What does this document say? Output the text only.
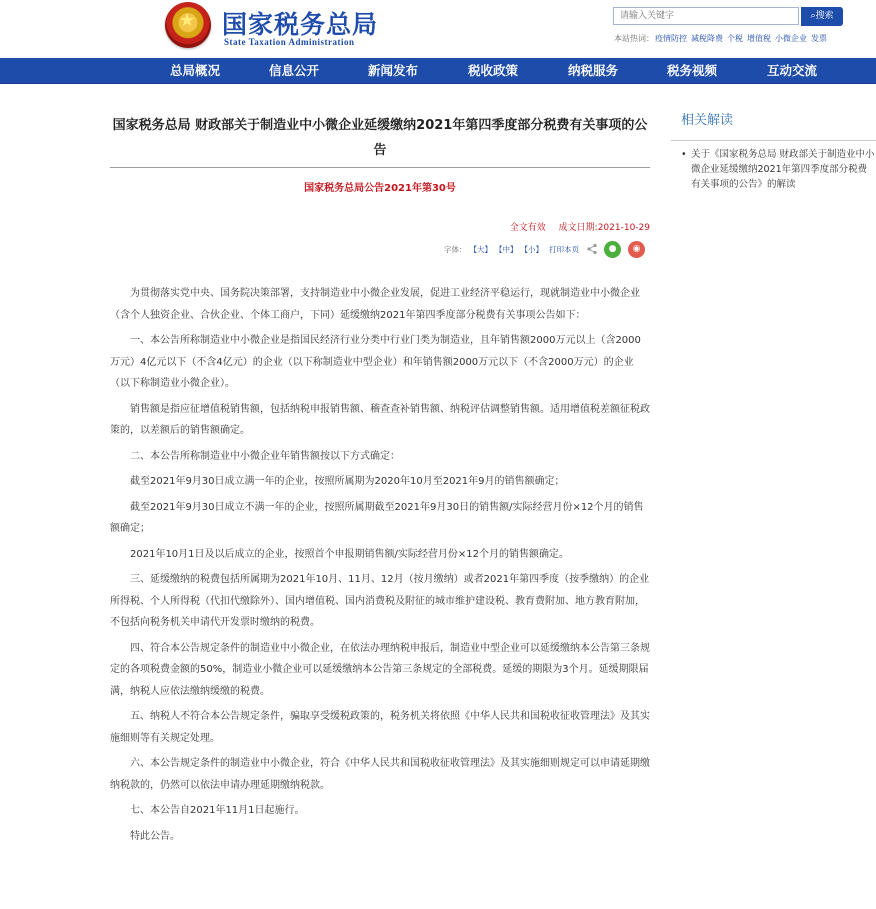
★
国家税务总局
State Taxation Administration
请输入关键字
⌕搜索
本站热词：疫情防控 减税降费 个税 增值税 小微企业 发票
总局概况	信息公开	新闻发布	税收政策	纳税服务	税务视频	互动交流
国家税务总局 财政部关于制造业中小微企业延缓缴纳2021年第四季度部分税费有关事项的公告
国家税务总局公告2021年第30号
全文有效 成文日期:2021-10-29
字体： 【大】 【中】 【小】 打印本页	●	◉

为贯彻落实党中央、国务院决策部署，支持制造业中小微企业发展，促进工业经济平稳运行，现就制造业中小微企业（含个人独资企业、合伙企业、个体工商户，下同）延缓缴纳2021年第四季度部分税费有关事项公告如下：

一、本公告所称制造业中小微企业是指国民经济行业分类中行业门类为制造业，且年销售额2000万元以上（含2000万元）4亿元以下（不含4亿元）的企业（以下称制造业中型企业）和年销售额2000万元以下（不含2000万元）的企业（以下称制造业小微企业）。

销售额是指应征增值税销售额，包括纳税申报销售额、稽查查补销售额、纳税评估调整销售额。适用增值税差额征税政策的，以差额后的销售额确定。

二、本公告所称制造业中小微企业年销售额按以下方式确定：

截至2021年9月30日成立满一年的企业，按照所属期为2020年10月至2021年9月的销售额确定；

截至2021年9月30日成立不满一年的企业，按照所属期截至2021年9月30日的销售额/实际经营月份×12个月的销售额确定；

2021年10月1日及以后成立的企业，按照首个申报期销售额/实际经营月份×12个月的销售额确定。

三、延缓缴纳的税费包括所属期为2021年10月、11月、12月（按月缴纳）或者2021年第四季度（按季缴纳）的企业所得税、个人所得税（代扣代缴除外）、国内增值税、国内消费税及附征的城市维护建设税、教育费附加、地方教育附加，不包括向税务机关申请代开发票时缴纳的税费。

四、符合本公告规定条件的制造业中小微企业，在依法办理纳税申报后，制造业中型企业可以延缓缴纳本公告第三条规定的各项税费金额的50%，制造业小微企业可以延缓缴纳本公告第三条规定的全部税费。延缓的期限为3个月。延缓期限届满，纳税人应依法缴纳缓缴的税费。

五、纳税人不符合本公告规定条件，骗取享受缓税政策的，税务机关将依照《中华人民共和国税收征收管理法》及其实施细则等有关规定处理。

六、本公告规定条件的制造业中小微企业，符合《中华人民共和国税收征收管理法》及其实施细则规定可以申请延期缴纳税款的，仍然可以依法申请办理延期缴纳税款。

七、本公告自2021年11月1日起施行。

特此公告。

相关解读
• 关于《国家税务总局 财政部关于制造业中小微企业延缓缴纳2021年第四季度部分税费有关事项的公告》的解读
